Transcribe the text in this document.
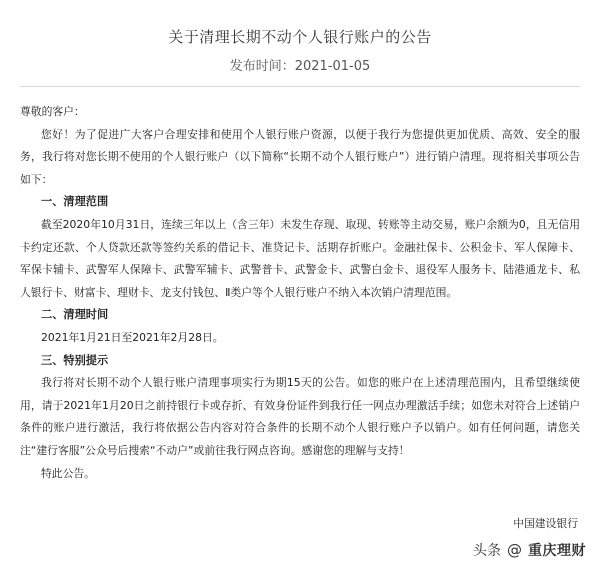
关于清理长期不动个人银行账户的公告
发布时间：2021-01-05

尊敬的客户：

您好！为了促进广大客户合理安排和使用个人银行账户资源，以便于我行为您提供更加优质、高效、安全的服务，我行将对您长期不使用的个人银行账户（以下简称“长期不动个人银行账户”）进行销户清理。现将相关事项公告如下：

一、清理范围

截至2020年10月31日，连续三年以上（含三年）未发生存现、取现、转账等主动交易，账户余额为0，且无信用卡约定还款、个人贷款还款等签约关系的借记卡、准贷记卡、活期存折账户。金融社保卡、公积金卡、军人保障卡、军保卡辅卡、武警军人保障卡、武警军辅卡、武警普卡、武警金卡、武警白金卡、退役军人服务卡、陆港通龙卡、私人银行卡、财富卡、理财卡、龙支付钱包、Ⅱ类户等个人银行账户不纳入本次销户清理范围。

二、清理时间

2021年1月21日至2021年2月28日。

三、特别提示

我行将对长期不动个人银行账户清理事项实行为期15天的公告。如您的账户在上述清理范围内，且希望继续使用，请于2021年1月20日之前持银行卡或存折、有效身份证件到我行任一网点办理激活手续；如您未对符合上述销户条件的账户进行激活，我行将依据公告内容对符合条件的长期不动个人银行账户予以销户。如有任何问题，请您关注“建行客服”公众号后搜索“不动户”或前往我行网点咨询。感谢您的理解与支持！

特此公告。

中国建设银行
头条 @ 重庆理财
